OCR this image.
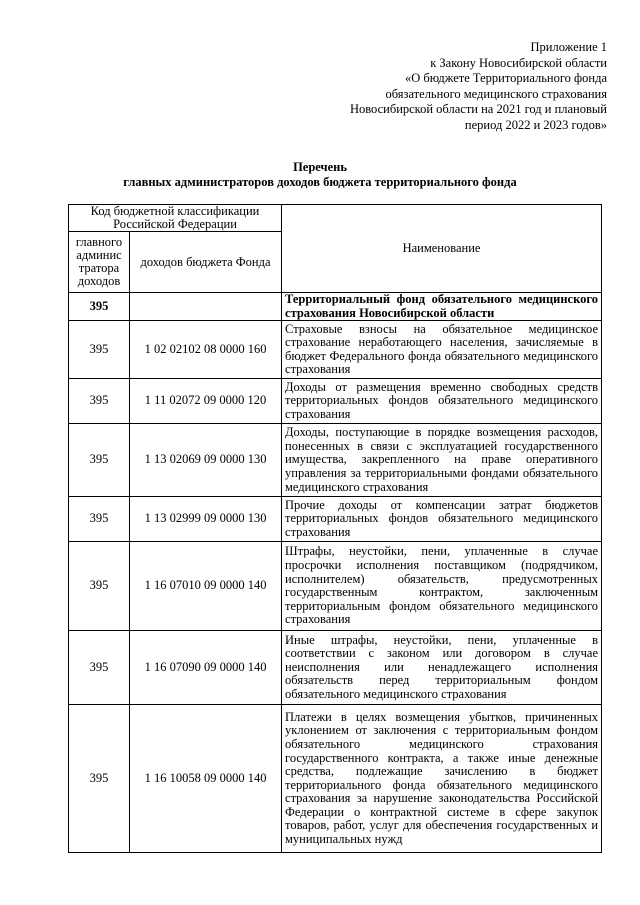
Приложение 1
к Закону Новосибирской области
«О бюджете Территориального фонда
обязательного медицинского страхования
Новосибирской области на 2021 год и плановый
период 2022 и 2023 годов»
Перечень
главных администраторов доходов бюджета территориального фонда
Код бюджетной классификации Российской Федерации		Наименование
главного админис тратора доходов	доходов бюджета Фонда	
395		Территориальный фонд обязательного медицинского страхования Новосибирской области
395	1 02 02102 08 0000 160	Страховые взносы на обязательное медицинское страхование неработающего населения, зачисляемые в бюджет Федерального фонда обязательного медицинского страхования
395	1 11 02072 09 0000 120	Доходы от размещения временно свободных средств территориальных фондов обязательного медицинского страхования
395	1 13 02069 09 0000 130	Доходы, поступающие в порядке возмещения расходов, понесенных в связи с эксплуатацией государственного имущества, закрепленного на праве оперативного управления за территориальными фондами обязательного медицинского страхования
395	1 13 02999 09 0000 130	Прочие доходы от компенсации затрат бюджетов территориальных фондов обязательного медицинского страхования
395	1 16 07010 09 0000 140	Штрафы, неустойки, пени, уплаченные в случае просрочки исполнения поставщиком (подрядчиком, исполнителем) обязательств, предусмотренных государственным контрактом, заключенным территориальным фондом обязательного медицинского страхования
395	1 16 07090 09 0000 140	Иные штрафы, неустойки, пени, уплаченные в соответствии с законом или договором в случае неисполнения или ненадлежащего исполнения обязательств перед территориальным фондом обязательного медицинского страхования
395	1 16 10058 09 0000 140	Платежи в целях возмещения убытков, причиненных уклонением от заключения с территориальным фондом обязательного медицинского страхования государственного контракта, а также иные денежные средства, подлежащие зачислению в бюджет территориального фонда обязательного медицинского страхования за нарушение законодательства Российской Федерации о контрактной системе в сфере закупок товаров, работ, услуг для обеспечения государственных и муниципальных нужд
